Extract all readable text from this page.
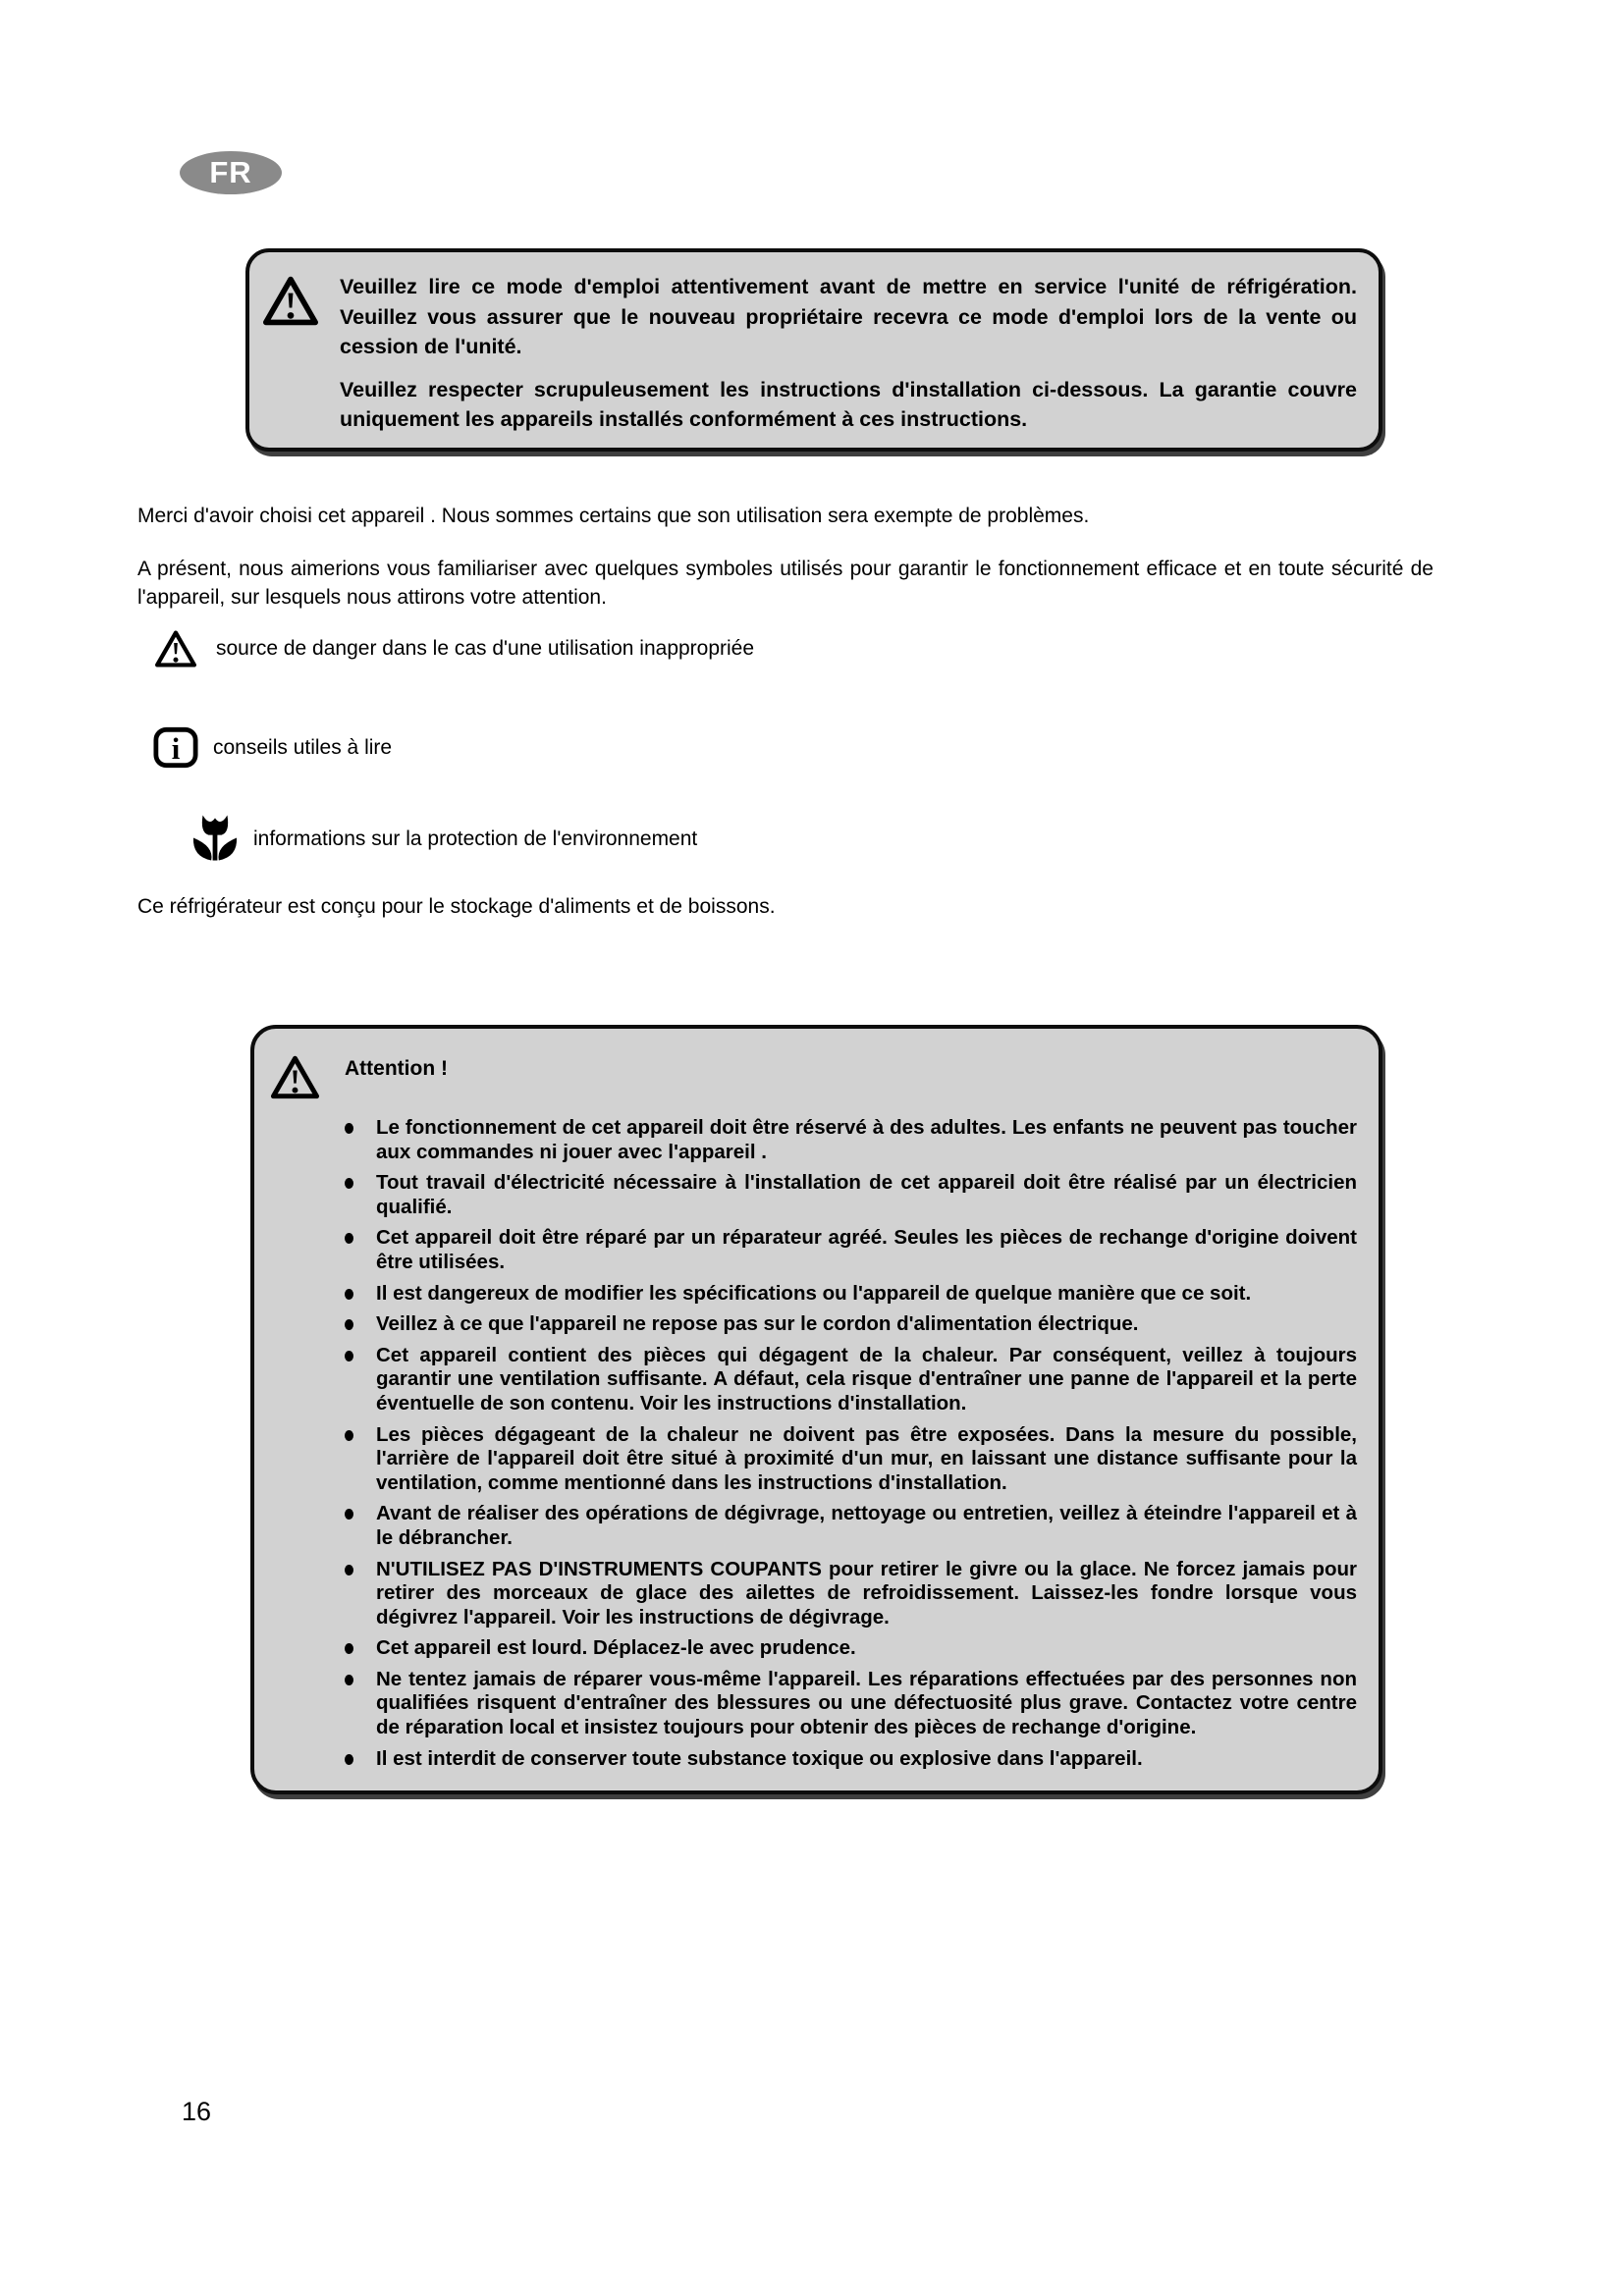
FR

Veuillez lire ce mode d'emploi attentivement avant de mettre en service l'unité de réfrigération. Veuillez vous assurer que le nouveau propriétaire recevra ce mode d'emploi lors de la vente ou cession de l'unité.

Veuillez respecter scrupuleusement les instructions d'installation ci-dessous. La garantie couvre uniquement les appareils installés conformément à ces instructions.

Merci d'avoir choisi cet appareil . Nous sommes certains que son utilisation sera exempte de problèmes.

A présent, nous aimerions vous familiariser avec quelques symboles utilisés pour garantir le fonctionnement efficace et en toute sécurité de l'appareil, sur lesquels nous attirons votre attention.

source de danger dans le cas d'une utilisation inappropriée
i conseils utiles à lire
informations sur la protection de l'environnement

Ce réfrigérateur est conçu pour le stockage d'aliments et de boissons.

Attention !
Le fonctionnement de cet appareil doit être réservé à des adultes. Les enfants ne peuvent pas toucher aux commandes ni jouer avec l'appareil .
Tout travail d'électricité nécessaire à l'installation de cet appareil doit être réalisé par un électricien qualifié.
Cet appareil doit être réparé par un réparateur agréé. Seules les pièces de rechange d'origine doivent être utilisées.
Il est dangereux de modifier les spécifications ou l'appareil de quelque manière que ce soit.
Veillez à ce que l'appareil ne repose pas sur le cordon d'alimentation électrique.
Cet appareil contient des pièces qui dégagent de la chaleur. Par conséquent, veillez à toujours garantir une ventilation suffisante. A défaut, cela risque d'entraîner une panne de l'appareil et la perte éventuelle de son contenu. Voir les instructions d'installation.
Les pièces dégageant de la chaleur ne doivent pas être exposées. Dans la mesure du possible, l'arrière de l'appareil doit être situé à proximité d'un mur, en laissant une distance suffisante pour la ventilation, comme mentionné dans les instructions d'installation.
Avant de réaliser des opérations de dégivrage, nettoyage ou entretien, veillez à éteindre l'appareil et à le débrancher.
N'UTILISEZ PAS D'INSTRUMENTS COUPANTS pour retirer le givre ou la glace. Ne forcez jamais pour retirer des morceaux de glace des ailettes de refroidissement. Laissez-les fondre lorsque vous dégivrez l'appareil. Voir les instructions de dégivrage.
Cet appareil est lourd. Déplacez-le avec prudence.
Ne tentez jamais de réparer vous-même l'appareil. Les réparations effectuées par des personnes non qualifiées risquent d'entraîner des blessures ou une défectuosité plus grave. Contactez votre centre de réparation local et insistez toujours pour obtenir des pièces de rechange d'origine.
Il est interdit de conserver toute substance toxique ou explosive dans l'appareil.
16
